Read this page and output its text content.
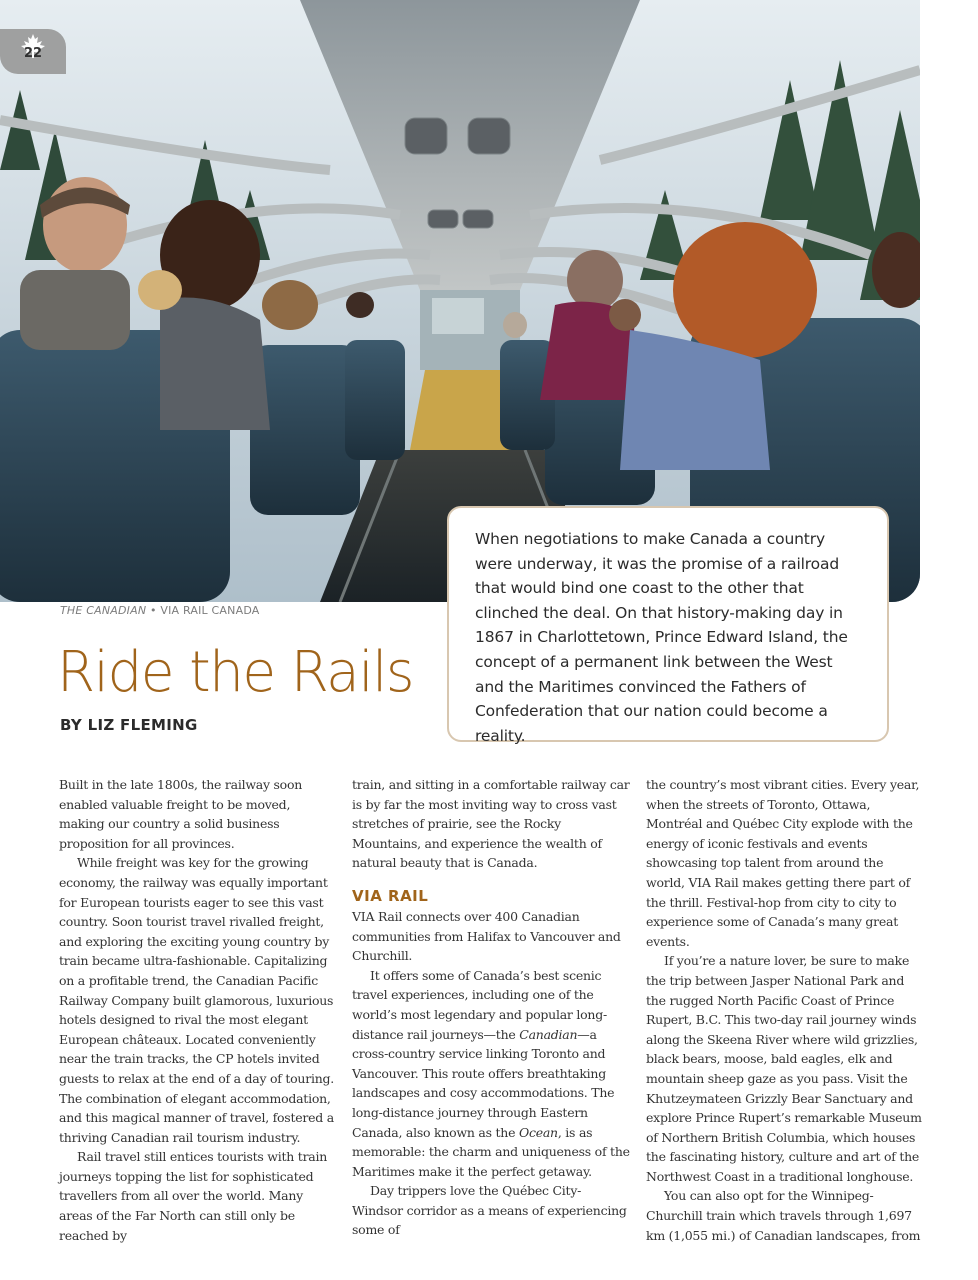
22
THE CANADIAN • VIA RAIL CANADA
Ride the Rails
BY LIZ FLEMING

When negotiations to make Canada a country were underway, it was the promise of a railroad that would bind one coast to the other that clinched the deal. On that history-making day in 1867 in Charlottetown, Prince Edward Island, the concept of a permanent link between the West and the Maritimes convinced the Fathers of Confederation that our nation could become a reality.

Built in the late 1800s, the railway soon enabled valuable freight to be moved, making our country a solid business proposition for all provinces.

While freight was key for the growing economy, the railway was equally important for European tourists eager to see this vast country. Soon tourist travel rivalled freight, and exploring the exciting young country by train became ultra-fashionable. Capitalizing on a profitable trend, the Canadian Pacific Railway Company built glamorous, luxurious hotels designed to rival the most elegant European châteaux. Located conveniently near the train tracks, the CP hotels invited guests to relax at the end of a day of touring. The combination of elegant accommodation, and this magical manner of travel, fostered a thriving Canadian rail tourism industry.

Rail travel still entices tourists with train journeys topping the list for sophisticated travellers from all over the world. Many areas of the Far North can still only be reached by

train, and sitting in a comfortable railway car is by far the most inviting way to cross vast stretches of prairie, see the Rocky Mountains, and experience the wealth of natural beauty that is Canada.

VIA RAIL

VIA Rail connects over 400 Canadian communities from Halifax to Vancouver and Churchill.

It offers some of Canada’s best scenic travel experiences, including one of the world’s most legendary and popular long-distance rail journeys—the Canadian—a cross-country service linking Toronto and Vancouver. This route offers breathtaking landscapes and cosy accommodations. The long-distance journey through Eastern Canada, also known as the Ocean, is as memorable: the charm and uniqueness of the Maritimes make it the perfect getaway.

Day trippers love the Québec City-Windsor corridor as a means of experiencing some of

the country’s most vibrant cities. Every year, when the streets of Toronto, Ottawa, Montréal and Québec City explode with the energy of iconic festivals and events showcasing top talent from around the world, VIA Rail makes getting there part of the thrill. Festival-hop from city to city to experience some of Canada’s many great events.

If you’re a nature lover, be sure to make the trip between Jasper National Park and the rugged North Pacific Coast of Prince Rupert, B.C. This two-day rail journey winds along the Skeena River where wild grizzlies, black bears, moose, bald eagles, elk and mountain sheep gaze as you pass. Visit the Khutzeymateen Grizzly Bear Sanctuary and explore Prince Rupert’s remarkable Museum of Northern British Columbia, which houses the fascinating history, culture and art of the Northwest Coast in a traditional longhouse.

You can also opt for the Winnipeg-Churchill train which travels through 1,697 km (1,055 mi.) of Canadian landscapes, from
